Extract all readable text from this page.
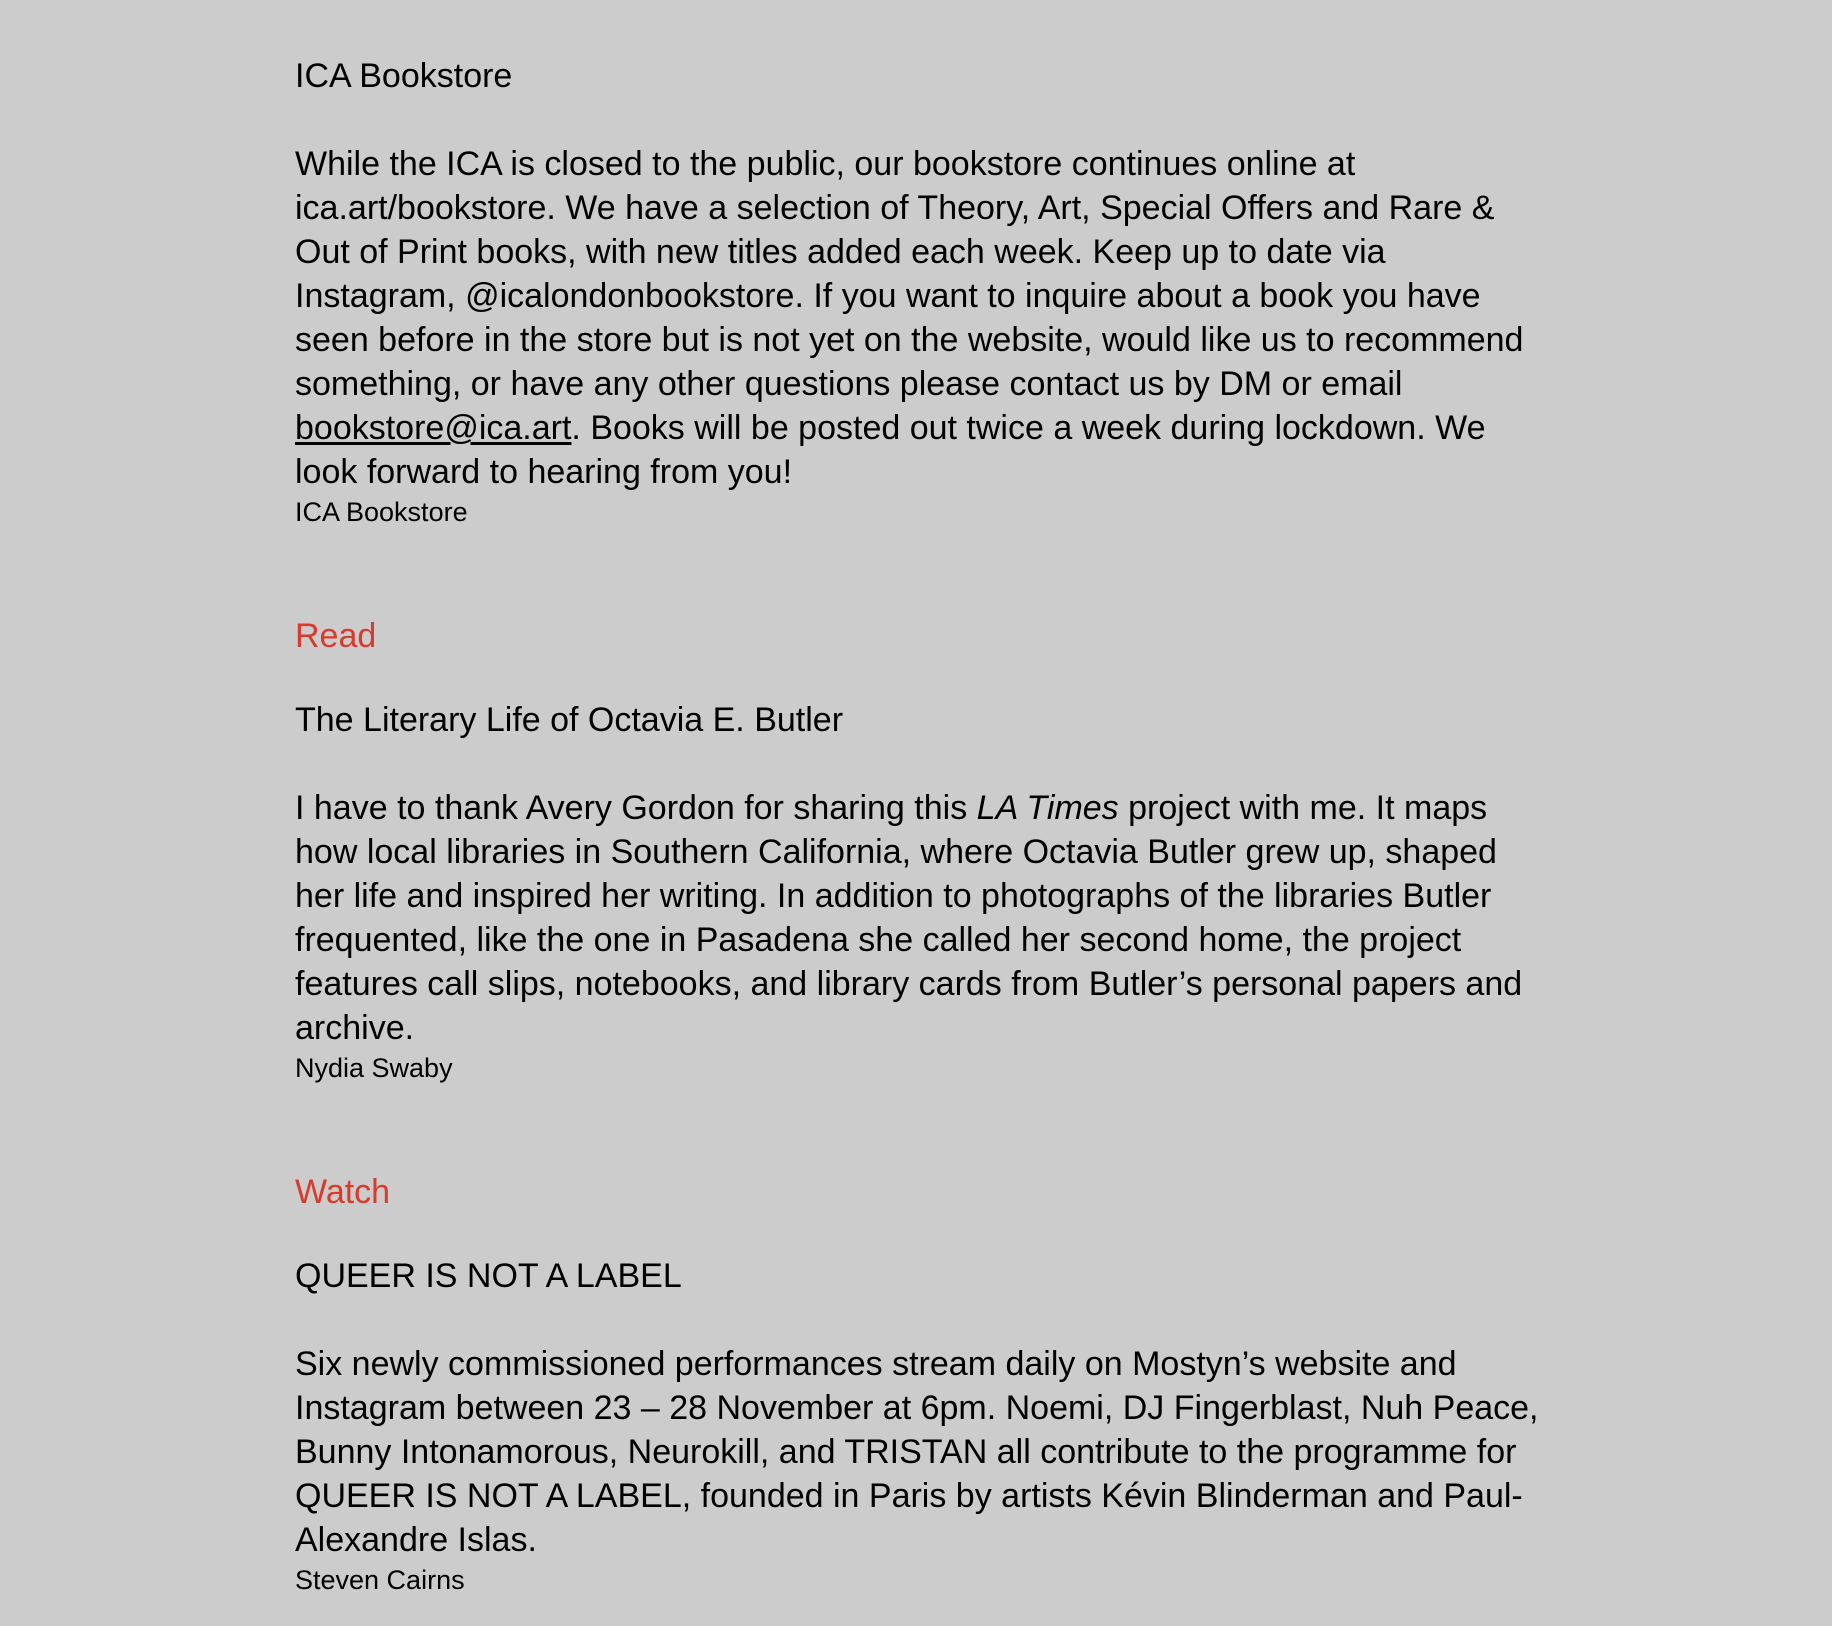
ICA Bookstore

While the ICA is closed to the public, our bookstore continues online at ica.art/bookstore. We have a selection of Theory, Art, Special Offers and Rare & Out of Print books, with new titles added each week. Keep up to date via Instagram, @icalondonbookstore. If you want to inquire about a book you have seen before in the store but is not yet on the website, would like us to recommend something, or have any other questions please contact us by DM or email bookstore@ica.art. Books will be posted out twice a week during lockdown. We look forward to hearing from you!

ICA Bookstore
Read
The Literary Life of Octavia E. Butler

I have to thank Avery Gordon for sharing this LA Times project with me. It maps how local libraries in Southern California, where Octavia Butler grew up, shaped her life and inspired her writing. In addition to photographs of the libraries Butler frequented, like the one in Pasadena she called her second home, the project features call slips, notebooks, and library cards from Butler’s personal papers and archive.

Nydia Swaby
Watch
QUEER IS NOT A LABEL

Six newly commissioned performances stream daily on Mostyn’s website and Instagram between 23 – 28 November at 6pm. Noemi, DJ Fingerblast, Nuh Peace, Bunny Intonamorous, Neurokill, and TRISTAN all contribute to the programme for QUEER IS NOT A LABEL, founded in Paris by artists Kévin Blinderman and Paul-Alexandre Islas.

Steven Cairns
